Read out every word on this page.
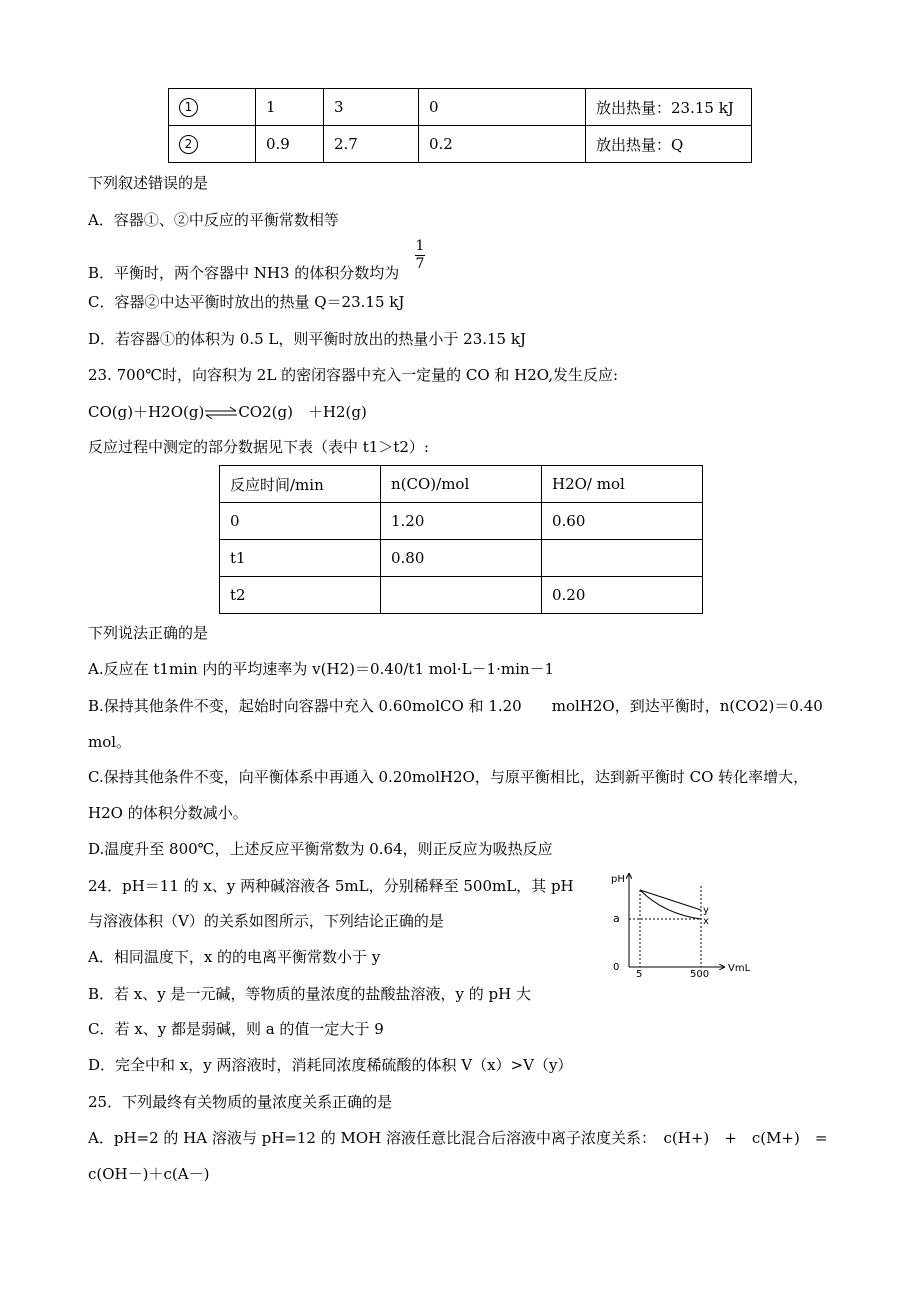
1	1	3	0	放出热量：23.15 kJ
2	0.9	2.7	0.2	放出热量：Q
下列叙述错误的是
A．容器①、②中反应的平衡常数相等
B．平衡时，两个容器中 NH3 的体积分数均为 $\frac{1}{7}$
C．容器②中达平衡时放出的热量 Q＝23.15 kJ
D．若容器①的体积为 0.5 L，则平衡时放出的热量小于 23.15 kJ
23. 700℃时，向容积为 2L 的密闭容器中充入一定量的 CO 和 H2O,发生反应:
CO(g)＋H2O(g)⇌CO2(g)　＋H2(g)
反应过程中测定的部分数据见下表（表中 t1＞t2）:
反应时间/min	n(CO)/mol	H2O/ mol
0	1.20	0.60
t1	0.80	
t2		0.20
下列说法正确的是
A.反应在 t1min 内的平均速率为 v(H2)＝0.40/t1 mol·L－1·min－1
B.保持其他条件不变，起始时向容器中充入 0.60molCO 和 1.20　　molH2O，到达平衡时，n(CO2)＝0.40
mol。
C.保持其他条件不变，向平衡体系中再通入 0.20molH2O，与原平衡相比，达到新平衡时 CO 转化率增大，
H2O 的体积分数减小。
D.温度升至 800℃，上述反应平衡常数为 0.64，则正反应为吸热反应
24．pH＝11 的 x、y 两种碱溶液各 5mL，分别稀释至 500mL，其 pH
与溶液体积（V）的关系如图所示，下列结论正确的是
A．相同温度下，x 的的电离平衡常数小于 y
B．若 x、y 是一元碱，等物质的量浓度的盐酸盐溶液，y 的 pH 大
C．若 x、y 都是弱碱，则 a 的值一定大于 9
D．完全中和 x，y 两溶液时，消耗同浓度稀硫酸的体积 V（x）>V（y）
pH
a
0
5	500
VmL
y
x
25．下列最终有关物质的量浓度关系正确的是
A．pH=2 的 HA 溶液与 pH=12 的 MOH 溶液任意比混合后溶液中离子浓度关系：　c(H+)　+　c(M+)　=
c(OH－)＋c(A－)
